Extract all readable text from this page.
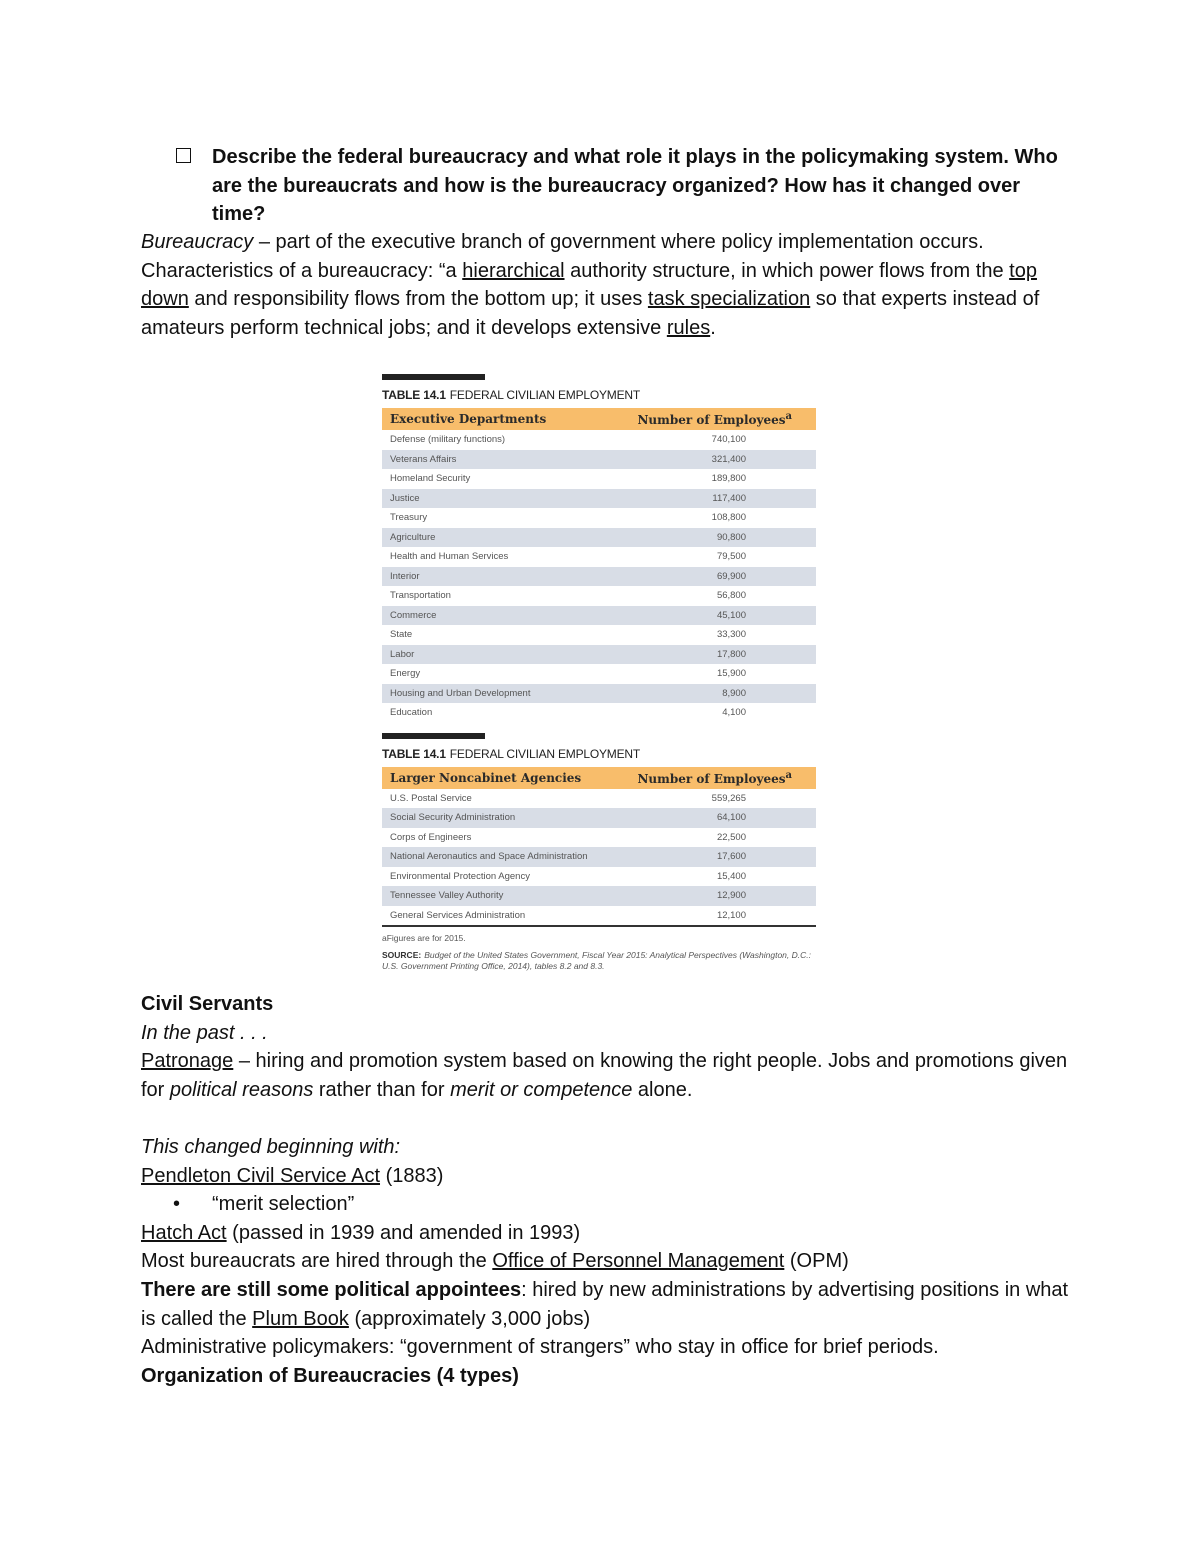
Describe the federal bureaucracy and what role it plays in the policymaking system. Who are the bureaucrats and how is the bureaucracy organized? How has it changed over time?
Bureaucracy – part of the executive branch of government where policy implementation occurs.
Characteristics of a bureaucracy: “a hierarchical authority structure, in which power flows from the top down and responsibility flows from the bottom up; it uses task specialization so that experts instead of amateurs perform technical jobs; and it develops extensive rules.
TABLE 14.1 FEDERAL CIVILIAN EMPLOYMENT
Executive Departments	Number of Employees$^a$
Defense (military functions)	740,100
Veterans Affairs	321,400
Homeland Security	189,800
Justice	117,400
Treasury	108,800
Agriculture	90,800
Health and Human Services	79,500
Interior	69,900
Transportation	56,800
Commerce	45,100
State	33,300
Labor	17,800
Energy	15,900
Housing and Urban Development	8,900
Education	4,100
TABLE 14.1 FEDERAL CIVILIAN EMPLOYMENT
Larger Noncabinet Agencies	Number of Employees$^a$
U.S. Postal Service	559,265
Social Security Administration	64,100
Corps of Engineers	22,500
National Aeronautics and Space Administration	17,600
Environmental Protection Agency	15,400
Tennessee Valley Authority	12,900
General Services Administration	12,100
aFigures are for 2015.
SOURCE: Budget of the United States Government, Fiscal Year 2015: Analytical Perspectives (Washington, D.C.: U.S. Government Printing Office, 2014), tables 8.2 and 8.3.
Civil Servants
In the past . . .
Patronage – hiring and promotion system based on knowing the right people. Jobs and promotions given for political reasons rather than for merit or competence alone.
This changed beginning with:
Pendleton Civil Service Act (1883)
• “merit selection”
Hatch Act (passed in 1939 and amended in 1993)
Most bureaucrats are hired through the Office of Personnel Management (OPM)
There are still some political appointees: hired by new administrations by advertising positions in what is called the Plum Book (approximately 3,000 jobs)
Administrative policymakers: “government of strangers” who stay in office for brief periods.
Organization of Bureaucracies (4 types)
